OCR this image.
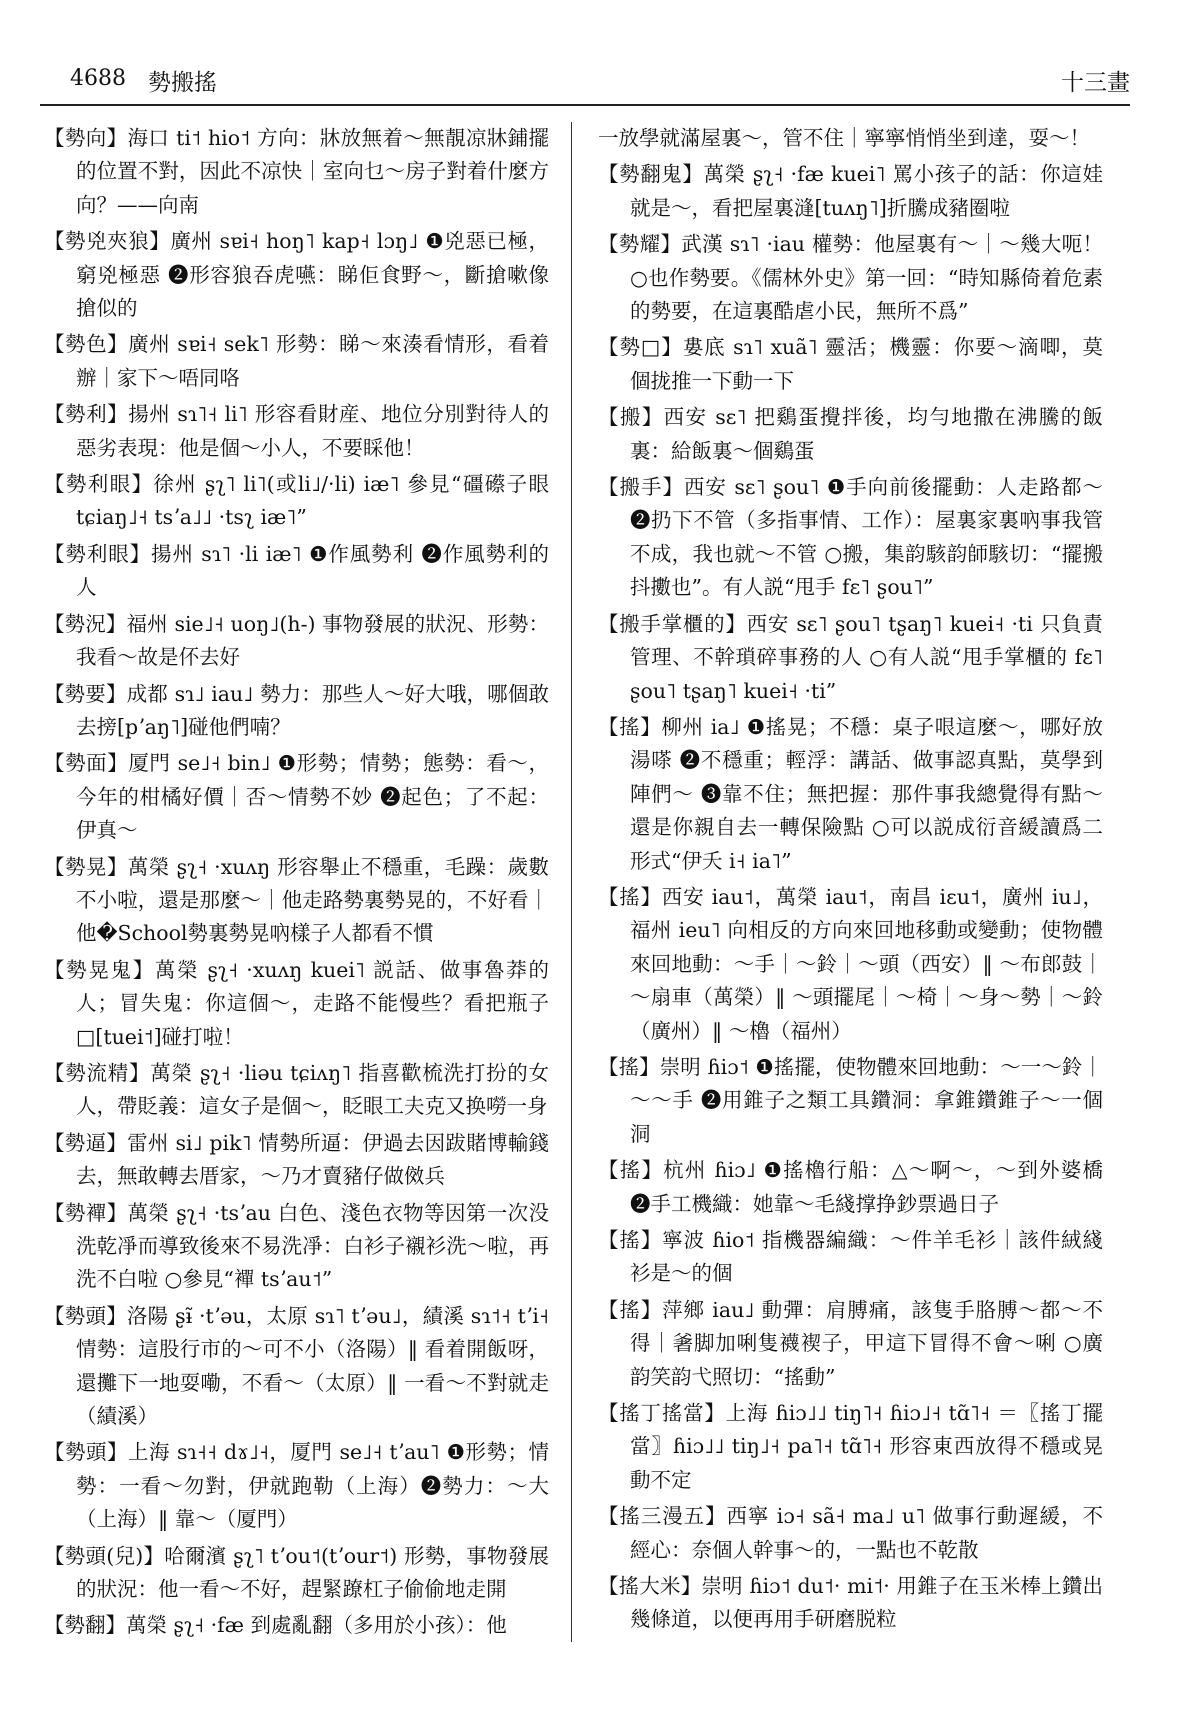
4688 勢搬搖	十三畫

【勢向】海口 ti˦ hio˦ 方向：牀放無着～無靚凉牀鋪擺的位置不對，因此不凉快｜室向乜～房子對着什麼方向？——向南

【勢兇夾狼】廣州 sɐi˧ hoŋ˥ kap˧ lɔŋ˩ ❶兇惡已極，窮兇極惡 ❷形容狼吞虎嚥：睇佢食野～，斷搶嗽像搶似的

【勢色】廣州 sɐi˧ sek˥ 形勢：睇～來湊看情形，看着辦｜家下～唔同咯

【勢利】揚州 sɿ˥˧ li˥ 形容看財産、地位分別對待人的惡劣表現：他是個～小人，不要睬他！

【勢利眼】徐州 ʂʅ˥ li˥(或li˩/·li) iæ˥ 參見“礓礤子眼 tɕiaŋ˩˧ tsʼa˩˩ ·tsʅ iæ˥”

【勢利眼】揚州 sɿ˥ ·li iæ˥ ❶作風勢利 ❷作風勢利的人

【勢況】福州 sie˩˧ uoŋ˩(h-) 事物發展的狀況、形勢：我看～故是伓去好

【勢要】成都 sɿ˩ iau˩ 勢力：那些人～好大哦，哪個敢去搒[pʼaŋ˥]碰他們喃？

【勢面】厦門 se˩˧ bin˩ ❶形勢；情勢；態勢：看～，今年的柑橘好價｜否～情勢不妙 ❷起色；了不起：伊真～

【勢晃】萬榮 ʂʅ˧ ·xuʌŋ 形容舉止不穩重，毛躁：歲數不小啦，還是那麼～｜他走路勢裏勢晃的，不好看｜他�School勢裏勢晃吶樣子人都看不慣

【勢晃鬼】萬榮 ʂʅ˧ ·xuʌŋ kuei˥ 説話、做事魯莽的人；冒失鬼：你這個～，走路不能慢些？看把瓶子□[tuei˦]碰打啦！

【勢流精】萬榮 ʂʅ˧ ·liəu tɕiʌŋ˥ 指喜歡梳洗打扮的女人，帶貶義：這女子是個～，眨眼工夫克又换嘮一身

【勢逼】雷州 si˩ pik˥ 情勢所逼：伊過去因跋賭博輸錢去，無敢轉去厝家，～乃才賣豬仔做傚兵

【勢襌】萬榮 ʂʅ˧ ·tsʼau 白色、淺色衣物等因第一次没洗乾凈而導致後來不易洗凈：白衫子襯衫洗～啦，再洗不白啦 ○參見“襌 tsʼau˦”

【勢頭】洛陽 ʂɨ̃ ·tʼəu，太原 sɿ˥ tʼəu˩，績溪 sɿ˦˧ tʼi˧ 情勢：這股行市的～可不小（洛陽）‖ 看着開飯呀，還攤下一地耍嘞，不看～（太原）‖ 一看～不對就走（績溪）

【勢頭】上海 sɿ˧˧ dɤ˩˧，厦門 se˩˧ tʼau˥ ❶形勢；情勢：一看～勿對，伊就跑勒（上海）❷勢力：～大（上海）‖ 靠～（厦門）

【勢頭(兒)】哈爾濱 ʂʅ˥ tʼou˦(tʼour˦) 形勢，事物發展的狀況：他一看～不好，趕緊蹽杠子偷偷地走開

【勢翻】萬榮 ʂʅ˧ ·fæ 到處亂翻（多用於小孩）：他

一放學就滿屋裏～，管不住｜寧寧悄悄坐到達，耍～！

【勢翻鬼】萬榮 ʂʅ˧ ·fæ kuei˥ 罵小孩子的話：你這娃就是～，看把屋裏漨[tuʌŋ˥]折騰成豬圈啦

【勢耀】武漢 sɿ˥ ·iau 權勢：他屋裏有～｜～幾大呃！○也作勢要。《儒林外史》第一回：“時知縣倚着危素的勢要，在這裏酷虐小民，無所不爲”

【勢□】婁底 sɿ˥ xuã˥ 靈活；機靈：你要～滴唧，莫個拢推一下動一下

【搬】西安 sɛ˥ 把鷄蛋攪拌後，均勻地撒在沸騰的飯裏：給飯裏～個鷄蛋

【搬手】西安 sɛ˥ ʂou˥ ❶手向前後擺動：人走路都～ ❷扔下不管（多指事情、工作）：屋裏家裏吶事我管不成，我也就～不管 ○搬，集韵駭韵師駭切：“擺搬抖擻也”。有人説“甩手 fɛ˥ ʂou˥”

【搬手掌櫃的】西安 sɛ˥ ʂou˥ tʂaŋ˥ kuei˧ ·ti 只負責管理、不幹瑣碎事務的人 ○有人説“甩手掌櫃的 fɛ˥ ʂou˥ tʂaŋ˥ kuei˧ ·ti”

【搖】柳州 ia˩ ❶搖晃；不穩：桌子哏這麼～，哪好放湯嗏 ❷不穩重；輕浮：講話、做事認真點，莫學到陣們～ ❸靠不住；無把握：那件事我總覺得有點～還是你親自去一轉保險點 ○可以説成衍音緩讀爲二形式“伊夭 i˧ ia˥”

【搖】西安 iau˦，萬榮 iau˦，南昌 iɛu˦，廣州 iu˩，福州 ieu˥ 向相反的方向來回地移動或變動；使物體來回地動：～手｜～鈴｜～頭（西安）‖ ～布郎鼓｜～扇車（萬榮）‖ ～頭擺尾｜～椅｜～身～勢｜～鈴（廣州）‖ ～櫓（福州）

【搖】崇明 ɦiɔ˦ ❶搖擺，使物體來回地動：～一～鈴｜～～手 ❷用錐子之類工具鑽洞：拿錐鑽錐子～一個洞

【搖】杭州 ɦiɔ˩ ❶搖櫓行船：△～啊～，～到外婆橋 ❷手工機織：她靠～毛綫撑挣鈔票過日子

【搖】寧波 ɦio˦ 指機器編織：～件羊毛衫｜該件絨綫衫是～的個

【搖】萍鄉 iau˩ 動彈：肩膊痛，該隻手胳膊～都～不得｜㸙脚加唎隻襪褉子，甲這下冒得不會～唎 ○廣韵笑韵弋照切：“搖動”

【搖丁搖當】上海 ɦiɔ˩˩ tiŋ˥˧ ɦiɔ˩˧ tɑ̃˥˧ ＝〖搖丁擺當〗ɦiɔ˩˩ tiŋ˩˧ pa˥˧ tɑ̃˥˧ 形容東西放得不穩或晃動不定

【搖三漫五】西寧 iɔ˧ sã˧ ma˩ u˥ 做事行動遲緩，不經心：奈個人幹事～的，一點也不乾散

【搖大米】崇明 ɦiɔ˦ du˦· mi˦· 用錐子在玉米棒上鑽出幾條道，以便再用手研磨脱粒
